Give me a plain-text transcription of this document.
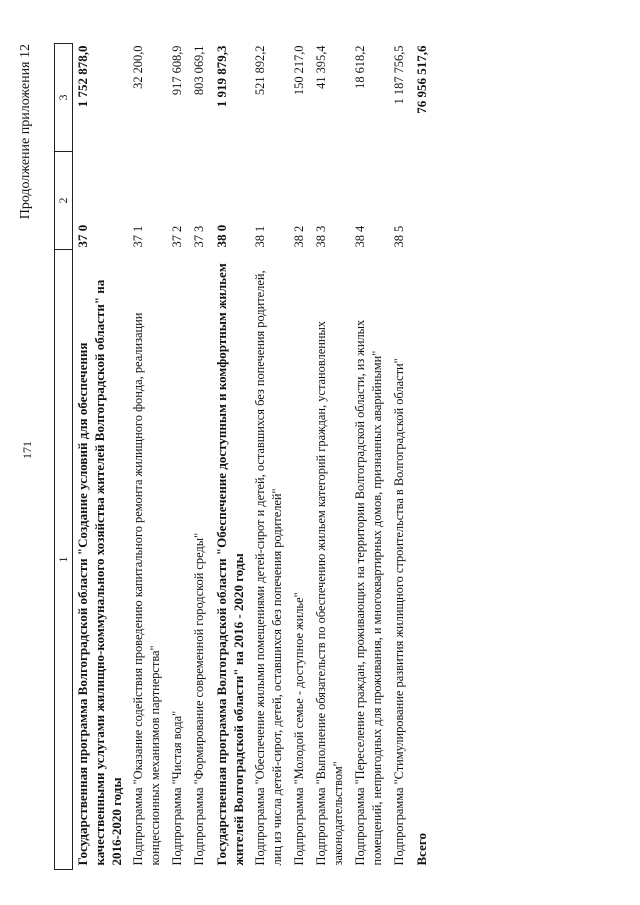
171
Продолжение приложения 12
1	2	3
Государственная программа Волгоградской области "Создание условий для обеспечения качественными услугами жилищно-коммунального хозяйства жителей Волгоградской области" на 2016-2020 годы	37 0	1 752 878,0
Подпрограмма "Оказание содействия проведению капитального ремонта жилищного фонда, реализации концессионных механизмов партнерства"	37 1	32 200,0
Подпрограмма "Чистая вода"	37 2	917 608,9
Подпрограмма "Формирование современной городской среды"	37 3	803 069,1
Государственная программа Волгоградской области "Обеспечение доступным и комфортным жильем жителей Волгоградской области" на 2016 - 2020 годы	38 0	1 919 879,3
Подпрограмма "Обеспечение жилыми помещениями детей-сирот и детей, оставшихся без попечения родителей, лиц из числа детей-сирот, детей, оставшихся без попечения родителей"	38 1	521 892,2
Подпрограмма "Молодой семье - доступное жилье"	38 2	150 217,0
Подпрограмма "Выполнение обязательств по обеспечению жильем категорий граждан, установленных законодательством"	38 3	41 395,4
Подпрограмма "Переселение граждан, проживающих на территории Волгоградской области, из жилых помещений, непригодных для проживания, и многоквартирных домов, признанных аварийными"	38 4	18 618,2
Подпрограмма "Стимулирование развития жилищного строительства в Волгоградской области"	38 5	1 187 756,5
Всего		76 956 517,6
